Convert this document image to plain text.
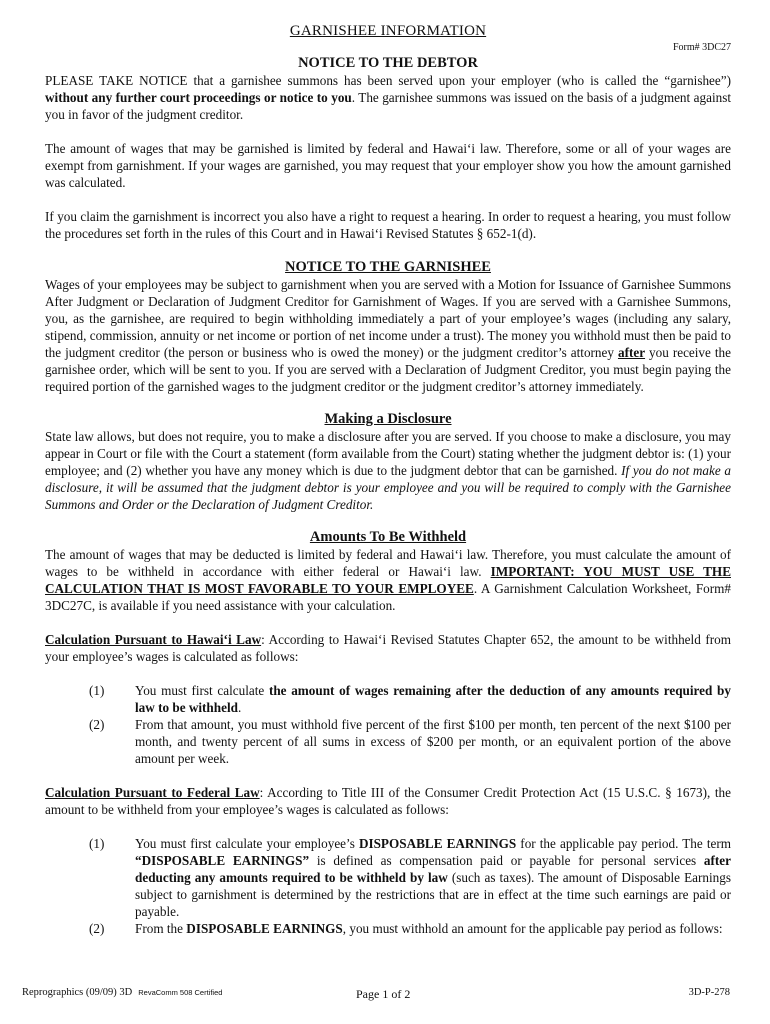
GARNISHEE INFORMATION
Form# 3DC27
NOTICE TO THE DEBTOR

PLEASE TAKE NOTICE that a garnishee summons has been served upon your employer (who is called the “garnishee”) without any further court proceedings or notice to you. The garnishee summons was issued on the basis of a judgment against you in favor of the judgment creditor.

The amount of wages that may be garnished is limited by federal and Hawai‘i law. Therefore, some or all of your wages are exempt from garnishment. If your wages are garnished, you may request that your employer show you how the amount garnished was calculated.

If you claim the garnishment is incorrect you also have a right to request a hearing. In order to request a hearing, you must follow the procedures set forth in the rules of this Court and in Hawai‘i Revised Statutes § 652-1(d).

NOTICE TO THE GARNISHEE

Wages of your employees may be subject to garnishment when you are served with a Motion for Issuance of Garnishee Summons After Judgment or Declaration of Judgment Creditor for Garnishment of Wages. If you are served with a Garnishee Summons, you, as the garnishee, are required to begin withholding immediately a part of your employee’s wages (including any salary, stipend, commission, annuity or net income or portion of net income under a trust). The money you withhold must then be paid to the judgment creditor (the person or business who is owed the money) or the judgment creditor’s attorney after you receive the garnishee order, which will be sent to you. If you are served with a Declaration of Judgment Creditor, you must begin paying the required portion of the garnished wages to the judgment creditor or the judgment creditor’s attorney immediately.

Making a Disclosure

State law allows, but does not require, you to make a disclosure after you are served. If you choose to make a disclosure, you may appear in Court or file with the Court a statement (form available from the Court) stating whether the judgment debtor is: (1) your employee; and (2) whether you have any money which is due to the judgment debtor that can be garnished. If you do not make a disclosure, it will be assumed that the judgment debtor is your employee and you will be required to comply with the Garnishee Summons and Order or the Declaration of Judgment Creditor.

Amounts To Be Withheld

The amount of wages that may be deducted is limited by federal and Hawai‘i law. Therefore, you must calculate the amount of wages to be withheld in accordance with either federal or Hawai‘i law. IMPORTANT: YOU MUST USE THE CALCULATION THAT IS MOST FAVORABLE TO YOUR EMPLOYEE. A Garnishment Calculation Worksheet, Form# 3DC27C, is available if you need assistance with your calculation.

Calculation Pursuant to Hawai‘i Law: According to Hawai‘i Revised Statutes Chapter 652, the amount to be withheld from your employee’s wages is calculated as follows:

(1)	You must first calculate the amount of wages remaining after the deduction of any amounts required by law to be withheld.
(2)	From that amount, you must withhold five percent of the first $100 per month, ten percent of the next $100 per month, and twenty percent of all sums in excess of $200 per month, or an equivalent portion of the above amount per week.

Calculation Pursuant to Federal Law: According to Title III of the Consumer Credit Protection Act (15 U.S.C. § 1673), the amount to be withheld from your employee’s wages is calculated as follows:

(1)	You must first calculate your employee’s DISPOSABLE EARNINGS for the applicable pay period. The term “DISPOSABLE EARNINGS” is defined as compensation paid or payable for personal services after deducting any amounts required to be withheld by law (such as taxes). The amount of Disposable Earnings subject to garnishment is determined by the restrictions that are in effect at the time such earnings are paid or payable.
(2)	From the DISPOSABLE EARNINGS, you must withhold an amount for the applicable pay period as follows:
Reprographics (09/09) 3D RevaComm 508 Certified	Page 1 of 2	3D-P-278
